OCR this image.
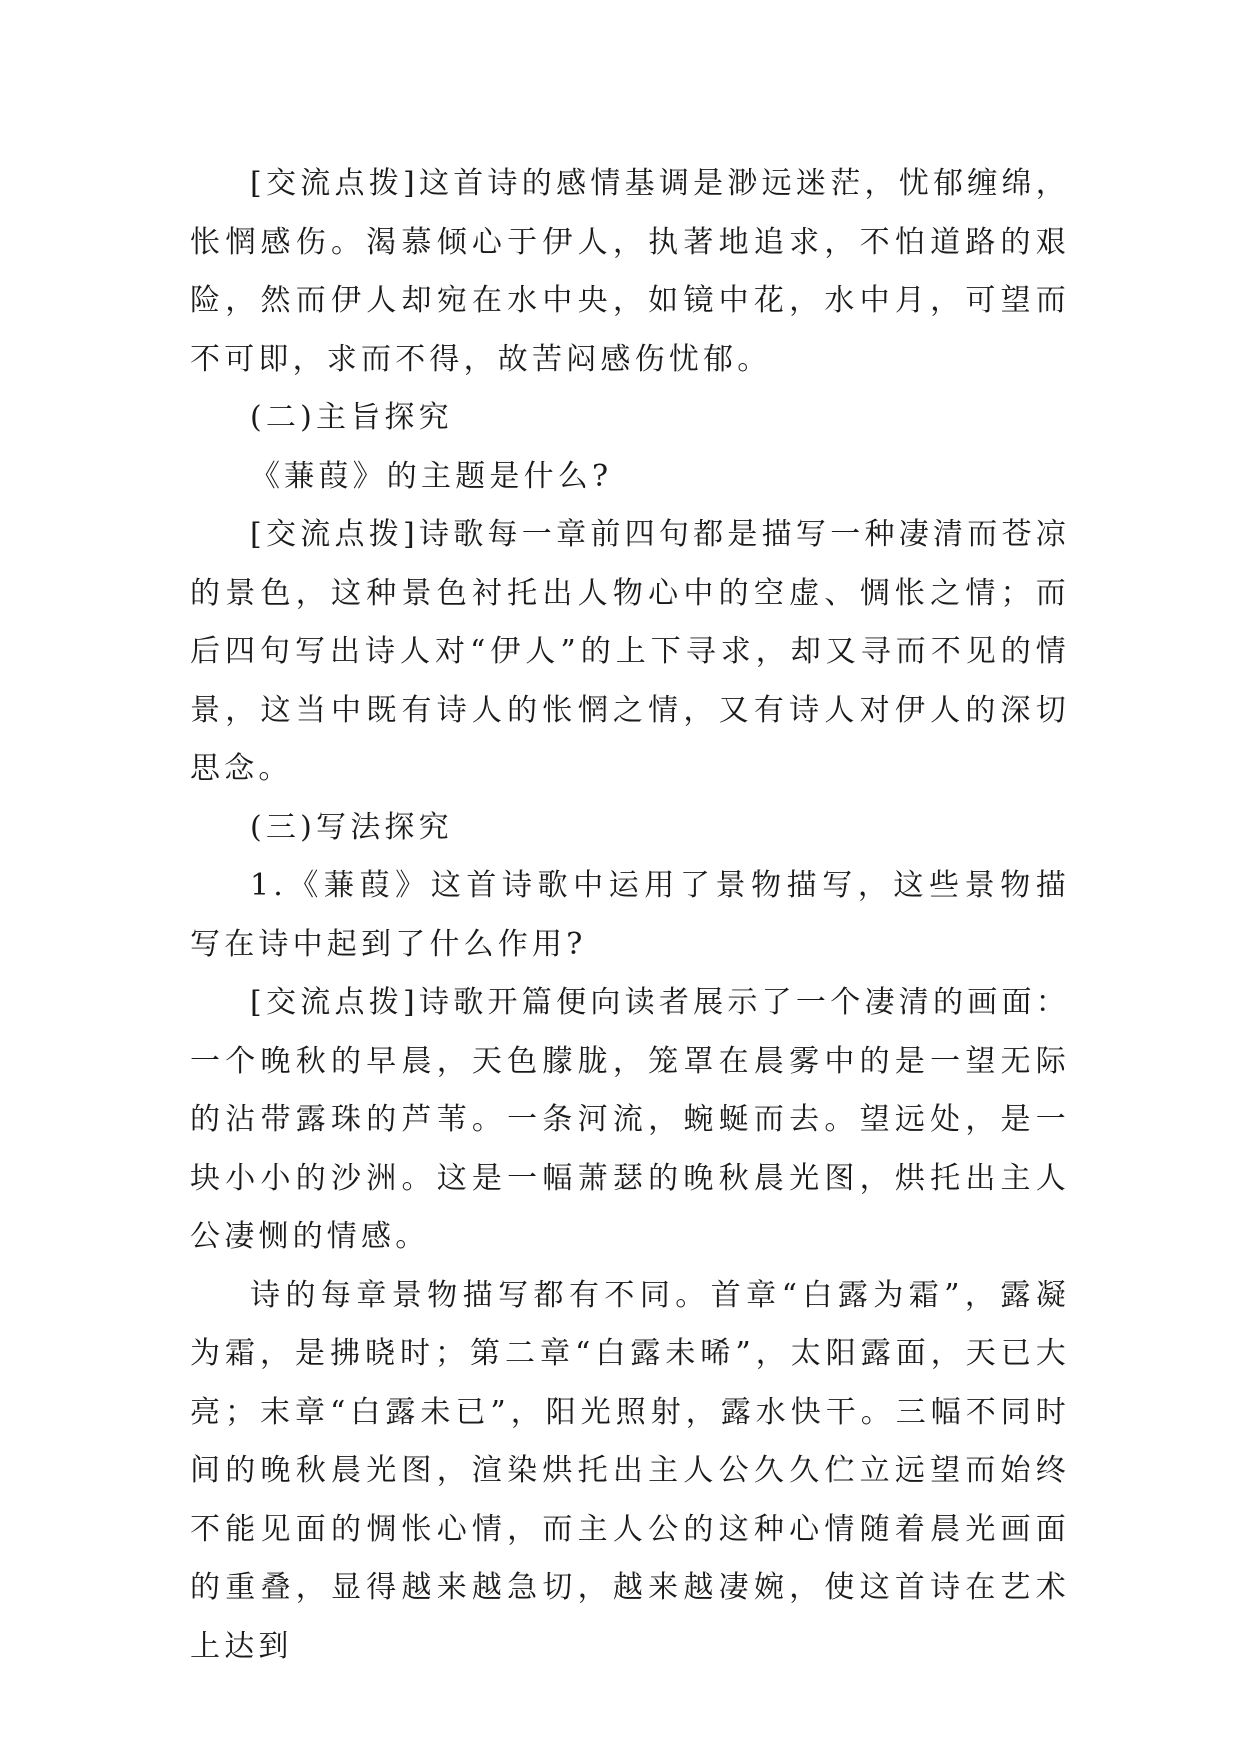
[交流点拨]这首诗的感情基调是渺远迷茫，忧郁缠绵，怅惘感伤。渴慕倾心于伊人，执著地追求，不怕道路的艰险，然而伊人却宛在水中央，如镜中花，水中月，可望而不可即，求而不得，故苦闷感伤忧郁。

(二)主旨探究

《蒹葭》的主题是什么?

[交流点拨]诗歌每一章前四句都是描写一种凄清而苍凉的景色，这种景色衬托出人物心中的空虚、惆怅之情；而后四句写出诗人对“伊人”的上下寻求，却又寻而不见的情景，这当中既有诗人的怅惘之情，又有诗人对伊人的深切思念。

(三)写法探究

1.《蒹葭》这首诗歌中运用了景物描写，这些景物描写在诗中起到了什么作用?

[交流点拨]诗歌开篇便向读者展示了一个凄清的画面：一个晚秋的早晨，天色朦胧，笼罩在晨雾中的是一望无际的沾带露珠的芦苇。一条河流，蜿蜒而去。望远处，是一块小小的沙洲。这是一幅萧瑟的晚秋晨光图，烘托出主人公凄恻的情感。

诗的每章景物描写都有不同。首章“白露为霜”，露凝为霜，是拂晓时；第二章“白露未晞”，太阳露面，天已大亮；末章“白露未已”，阳光照射，露水快干。三幅不同时间的晚秋晨光图，渲染烘托出主人公久久伫立远望而始终不能见面的惆怅心情，而主人公的这种心情随着晨光画面的重叠，显得越来越急切，越来越凄婉，使这首诗在艺术上达到
